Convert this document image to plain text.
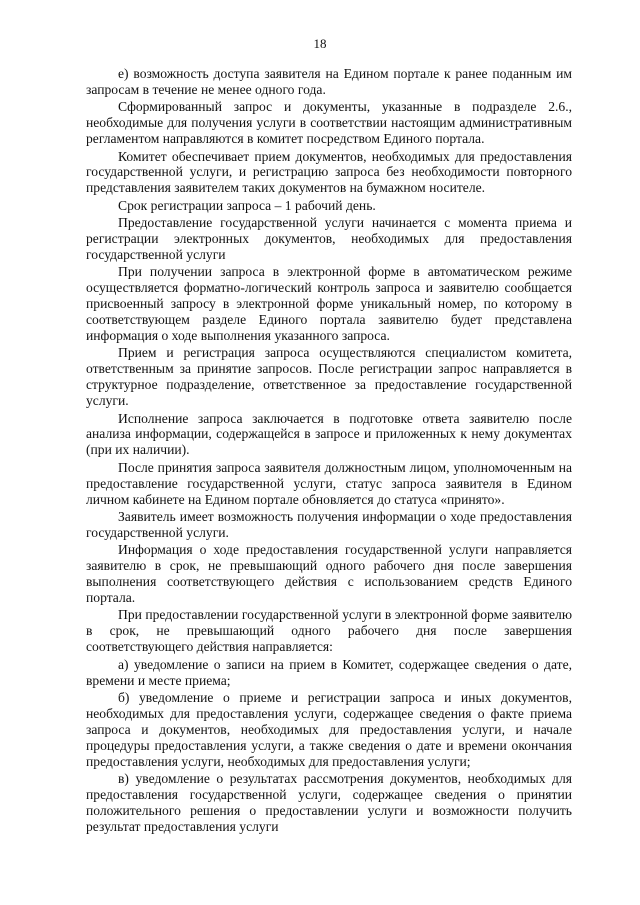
18

е) возможность доступа заявителя на Едином портале к ранее поданным им запросам в течение не менее одного года.

Сформированный запрос и документы, указанные в подразделе 2.6., необходимые для получения услуги в соответствии настоящим административным регламентом направляются в комитет посредством Единого портала.

Комитет обеспечивает прием документов, необходимых для предоставления государственной услуги, и регистрацию запроса без необходимости повторного представления заявителем таких документов на бумажном носителе.

Срок регистрации запроса – 1 рабочий день.

Предоставление государственной услуги начинается с момента приема и регистрации электронных документов, необходимых для предоставления государственной услуги

При получении запроса в электронной форме в автоматическом режиме осуществляется форматно-логический контроль запроса и заявителю сообщается присвоенный запросу в электронной форме уникальный номер, по которому в соответствующем разделе Единого портала заявителю будет представлена информация о ходе выполнения указанного запроса.

Прием и регистрация запроса осуществляются специалистом комитета, ответственным за принятие запросов. После регистрации запрос направляется в структурное подразделение, ответственное за предоставление государственной услуги.

Исполнение запроса заключается в подготовке ответа заявителю после анализа информации, содержащейся в запросе и приложенных к нему документах (при их наличии).

После принятия запроса заявителя должностным лицом, уполномоченным на предоставление государственной услуги, статус запроса заявителя в Едином личном кабинете на Едином портале обновляется до статуса «принято».

Заявитель имеет возможность получения информации о ходе предоставления государственной услуги.

Информация о ходе предоставления государственной услуги направляется заявителю в срок, не превышающий одного рабочего дня после завершения выполнения соответствующего действия с использованием средств Единого портала.

При предоставлении государственной услуги в электронной форме заявителю в срок, не превышающий одного рабочего дня после завершения соответствующего действия направляется:

а) уведомление о записи на прием в Комитет, содержащее сведения о дате, времени и месте приема;

б) уведомление о приеме и регистрации запроса и иных документов, необходимых для предоставления услуги, содержащее сведения о факте приема запроса и документов, необходимых для предоставления услуги, и начале процедуры предоставления услуги, а также сведения о дате и времени окончания предоставления услуги, необходимых для предоставления услуги;

в) уведомление о результатах рассмотрения документов, необходимых для предоставления государственной услуги, содержащее сведения о принятии положительного решения о предоставлении услуги и возможности получить результат предоставления услуги
